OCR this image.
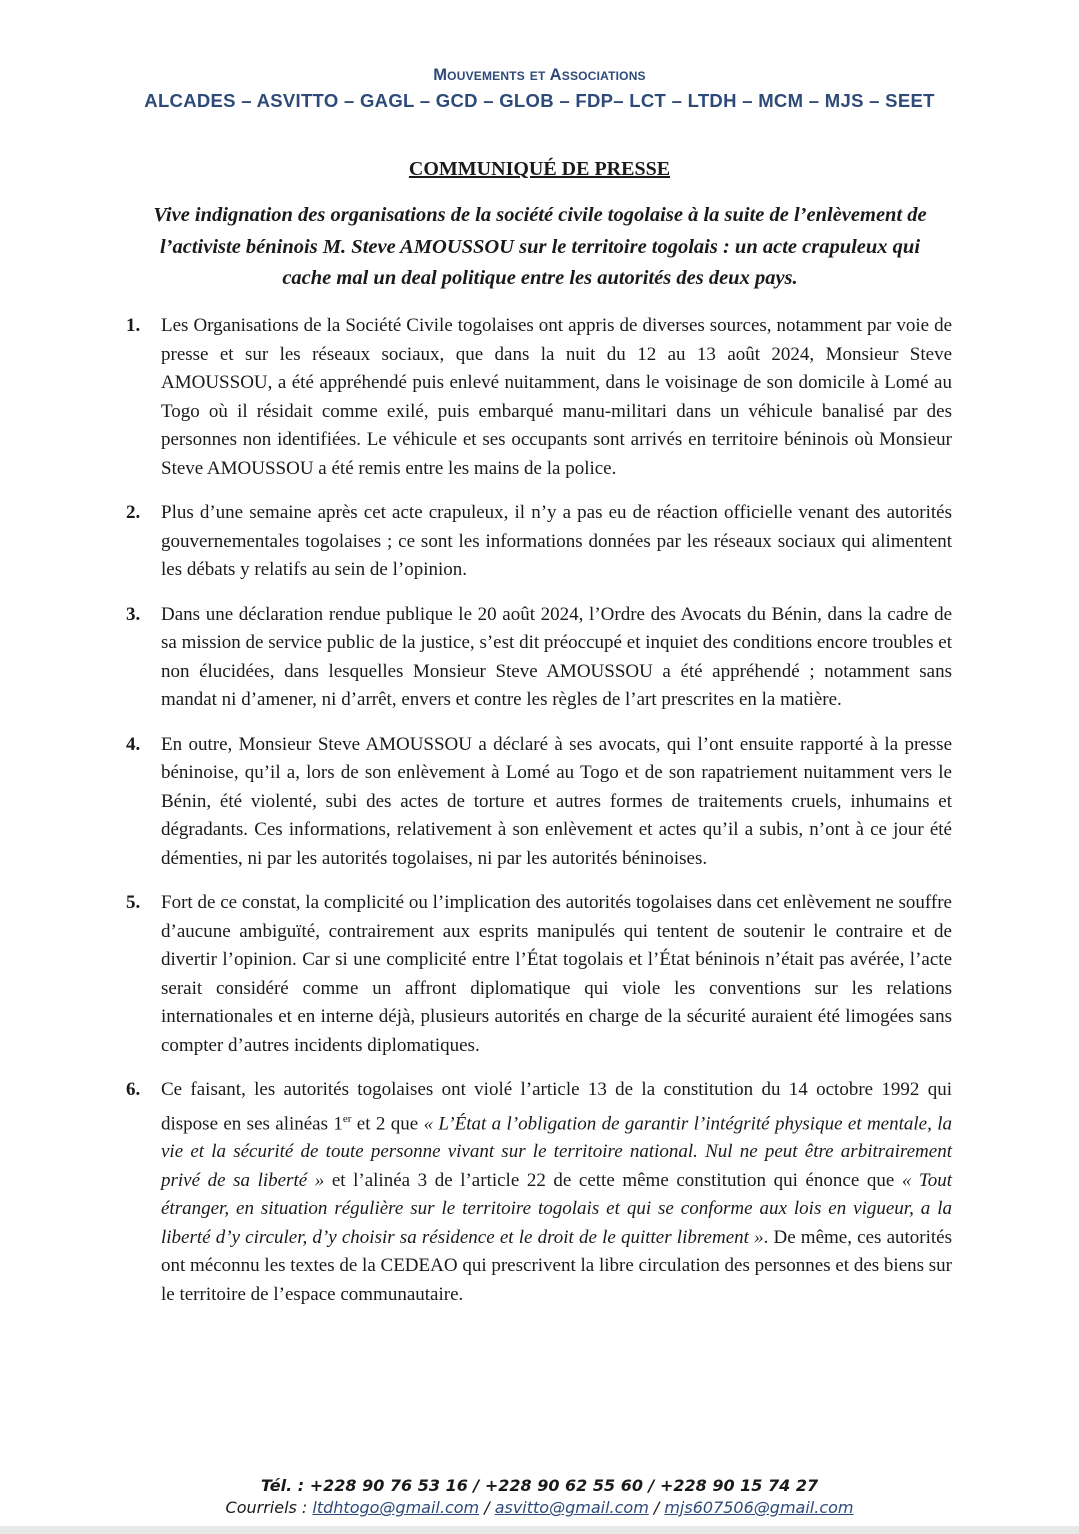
Mouvements et Associations
ALCADES – ASVITTO – GAGL – GCD – GLOB – FDP– LCT – LTDH – MCM – MJS – SEET
COMMUNIQUÉ DE PRESSE
Vive indignation des organisations de la société civile togolaise à la suite de l’enlèvement de l’activiste béninois M. Steve AMOUSSOU sur le territoire togolais : un acte crapuleux qui cache mal un deal politique entre les autorités des deux pays.
1. Les Organisations de la Société Civile togolaises ont appris de diverses sources, notamment par voie de presse et sur les réseaux sociaux, que dans la nuit du 12 au 13 août 2024, Monsieur Steve AMOUSSOU, a été appréhendé puis enlevé nuitamment, dans le voisinage de son domicile à Lomé au Togo où il résidait comme exilé, puis embarqué manu-militari dans un véhicule banalisé par des personnes non identifiées. Le véhicule et ses occupants sont arrivés en territoire béninois où Monsieur Steve AMOUSSOU a été remis entre les mains de la police.
2. Plus d’une semaine après cet acte crapuleux, il n’y a pas eu de réaction officielle venant des autorités gouvernementales togolaises ; ce sont les informations données par les réseaux sociaux qui alimentent les débats y relatifs au sein de l’opinion.
3. Dans une déclaration rendue publique le 20 août 2024, l’Ordre des Avocats du Bénin, dans la cadre de sa mission de service public de la justice, s’est dit préoccupé et inquiet des conditions encore troubles et non élucidées, dans lesquelles Monsieur Steve AMOUSSOU a été appréhendé ; notamment sans mandat ni d’amener, ni d’arrêt, envers et contre les règles de l’art prescrites en la matière.
4. En outre, Monsieur Steve AMOUSSOU a déclaré à ses avocats, qui l’ont ensuite rapporté à la presse béninoise, qu’il a, lors de son enlèvement à Lomé au Togo et de son rapatriement nuitamment vers le Bénin, été violenté, subi des actes de torture et autres formes de traitements cruels, inhumains et dégradants. Ces informations, relativement à son enlèvement et actes qu’il a subis, n’ont à ce jour été démenties, ni par les autorités togolaises, ni par les autorités béninoises.
5. Fort de ce constat, la complicité ou l’implication des autorités togolaises dans cet enlèvement ne souffre d’aucune ambiguïté, contrairement aux esprits manipulés qui tentent de soutenir le contraire et de divertir l’opinion. Car si une complicité entre l’État togolais et l’État béninois n’était pas avérée, l’acte serait considéré comme un affront diplomatique qui viole les conventions sur les relations internationales et en interne déjà, plusieurs autorités en charge de la sécurité auraient été limogées sans compter d’autres incidents diplomatiques.
6. Ce faisant, les autorités togolaises ont violé l’article 13 de la constitution du 14 octobre 1992 qui dispose en ses alinéas 1er et 2 que « L’État a l’obligation de garantir l’intégrité physique et mentale, la vie et la sécurité de toute personne vivant sur le territoire national. Nul ne peut être arbitrairement privé de sa liberté » et l’alinéa 3 de l’article 22 de cette même constitution qui énonce que « Tout étranger, en situation régulière sur le territoire togolais et qui se conforme aux lois en vigueur, a la liberté d’y circuler, d’y choisir sa résidence et le droit de le quitter librement ». De même, ces autorités ont méconnu les textes de la CEDEAO qui prescrivent la libre circulation des personnes et des biens sur le territoire de l’espace communautaire.
Tél. : +228 90 76 53 16 / +228 90 62 55 60 / +228 90 15 74 27
Courriels : ltdhtogo@gmail.com / asvitto@gmail.com / mjs607506@gmail.com
